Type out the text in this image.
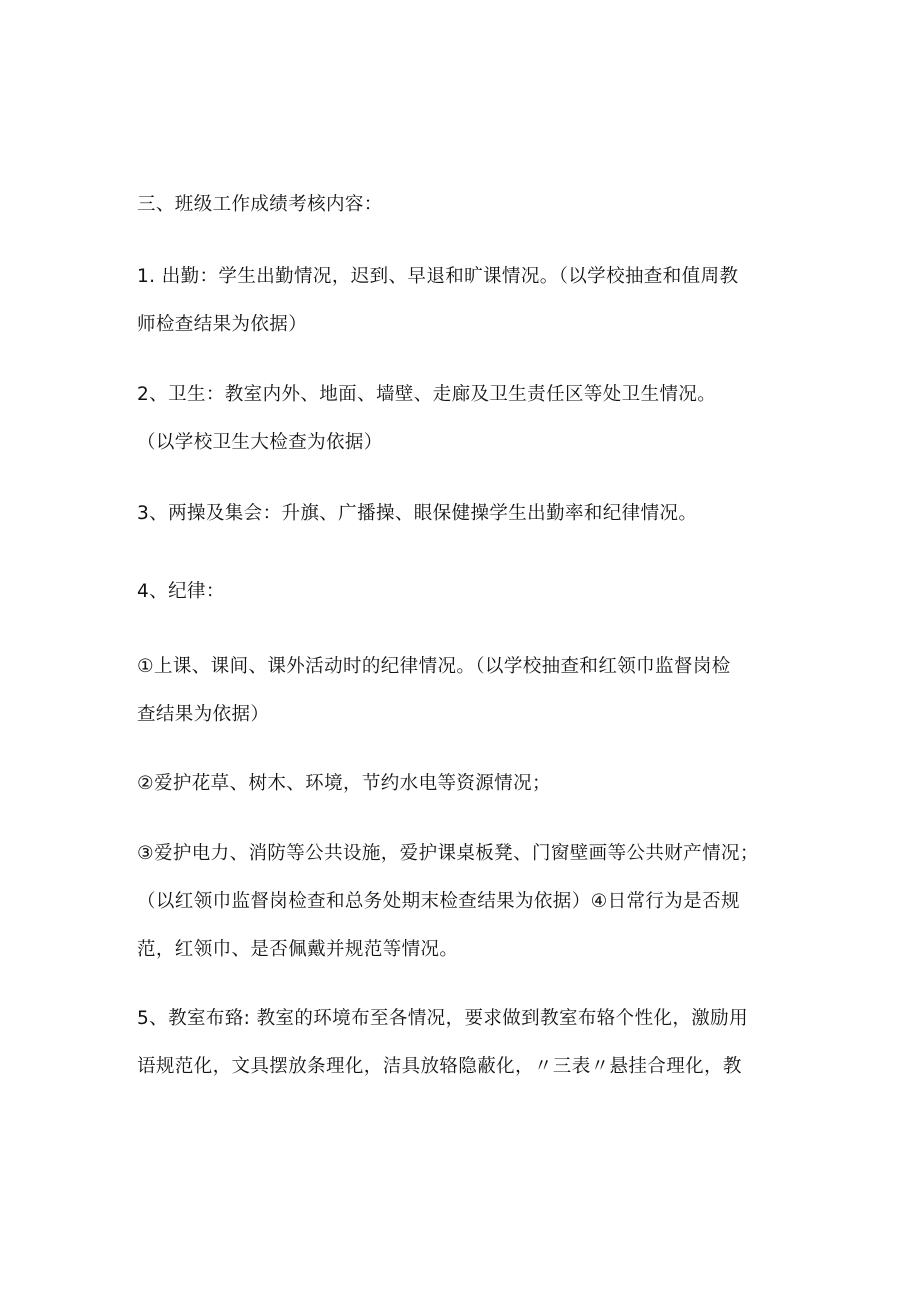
三、班级工作成绩考核内容：

1. 出勤：学生出勤情况，迟到、早退和旷课情况。（以学校抽查和值周教
师检查结果为依据）

2、卫生：教室内外、地面、墙壁、走廊及卫生责任区等处卫生情况。
（以学校卫生大检查为依据）

3、两操及集会：升旗、广播操、眼保健操学生出勤率和纪律情况。

4、纪律：

①上课、课间、课外活动时的纪律情况。（以学校抽查和红领巾监督岗检
查结果为依据）

②爱护花草、树木、环境，节约水电等资源情况；

③爱护电力、消防等公共设施，爱护课桌板凳、门窗壁画等公共财产情况；
（以红领巾监督岗检查和总务处期末检查结果为依据）④日常行为是否规
范，红领巾、是否佩戴并规范等情况。

5、教室布臵: 教室的环境布至各情况，要求做到教室布辂个性化，激励用
语规范化，文具摆放条理化，洁具放辂隐蔽化，〃三表〃悬挂合理化，教
